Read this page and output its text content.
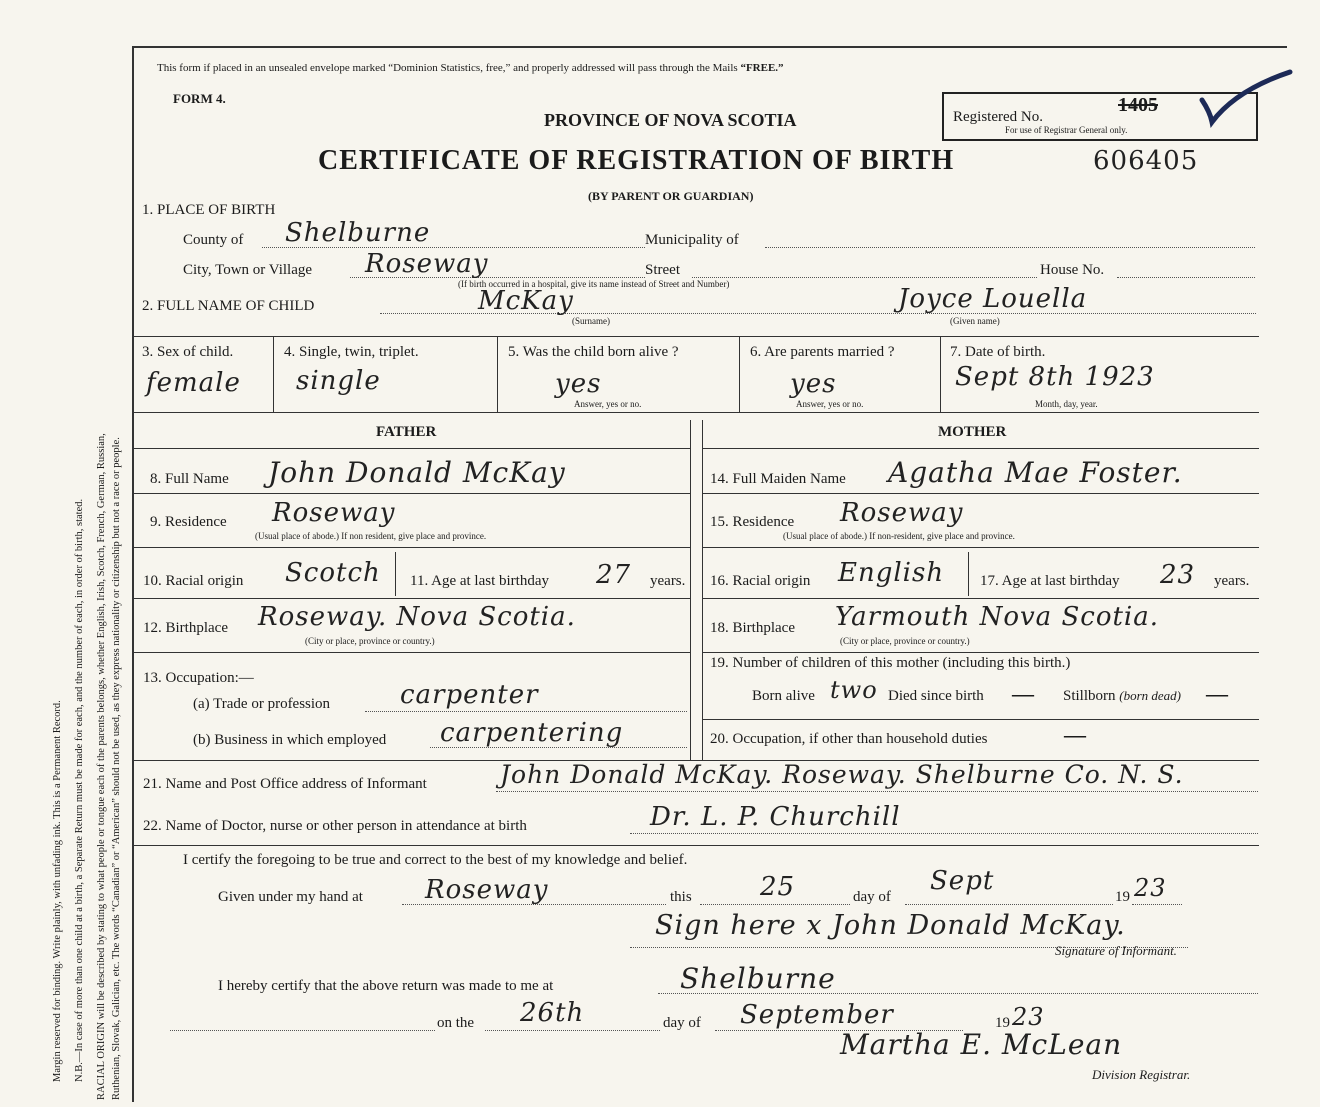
Margin reserved for binding. Write plainly, with unfading ink. This is a Permanent Record. N.B.—In case of more than one child at a birth, a Separate Return must be made for each, and the number of each, in order of birth, stated. RACIAL ORIGIN will be described by stating to what people or tongue each of the parents belongs, whether English, Irish, Scotch, French, German, Russian, Ruthenian, Slovak, Galician, etc. The words “Canadian” or “American” should not be used, as they express nationality or citizenship but not a race or people.
This form if placed in an unsealed envelope marked “Dominion Statistics, free,” and properly addressed will pass through the Mails “FREE.”
FORM 4.
PROVINCE OF NOVA SCOTIA
CERTIFICATE OF REGISTRATION OF BIRTH	606405
(BY PARENT OR GUARDIAN)
Registered No.
1405
For use of Registrar General only.
1. PLACE OF BIRTH
County of Shelburne	Municipality of
City, Town or Village Roseway	Street	House No.
(If birth occurred in a hospital, give its name instead of Street and Number)
2. FULL NAME OF CHILD	McKay
(Surname)
Joyce Louella
(Given name)
3. Sex of child.
female
4. Single, twin, triplet.
single
5. Was the child born alive ?
yes
Answer, yes or no.
6. Are parents married ?
yes
Answer, yes or no.
7. Date of birth.
Sept 8th 1923
Month, day, year.
FATHER	MOTHER
8. Full Name John Donald McKay
9. Residence Roseway
(Usual place of abode.) If non resident, give place and province.
10. Racial origin Scotch 11. Age at last birthday 27 years.
12. Birthplace Roseway. Nova Scotia.
(City or place, province or country.)
13. Occupation:—
(a) Trade or profession	carpenter
(b) Business in which employed carpentering
14. Full Maiden Name Agatha Mae Foster.
15. Residence Roseway
(Usual place of abode.) If non-resident, give place and province.
16. Racial origin English 17. Age at last birthday 23 years.
18. Birthplace Yarmouth Nova Scotia.
(City or place, province or country.)
19. Number of children of this mother (including this birth.)
Born alive two Died since birth — Stillborn (born dead) —
20. Occupation, if other than household duties	—
21. Name and Post Office address of Informant	John Donald McKay. Roseway. Shelburne Co. N. S.
22. Name of Doctor, nurse or other person in attendance at birth	Dr. L. P. Churchill
I certify the foregoing to be true and correct to the best of my knowledge and belief.
Given under my hand at Roseway	this	25	day of
Sept
19 23
Sign here x John Donald McKay.
Signature of Informant.
I hereby certify that the above return was made to me at	Shelburne
on the 26th	day of September	19 23
Martha E. McLean
Division Registrar.
